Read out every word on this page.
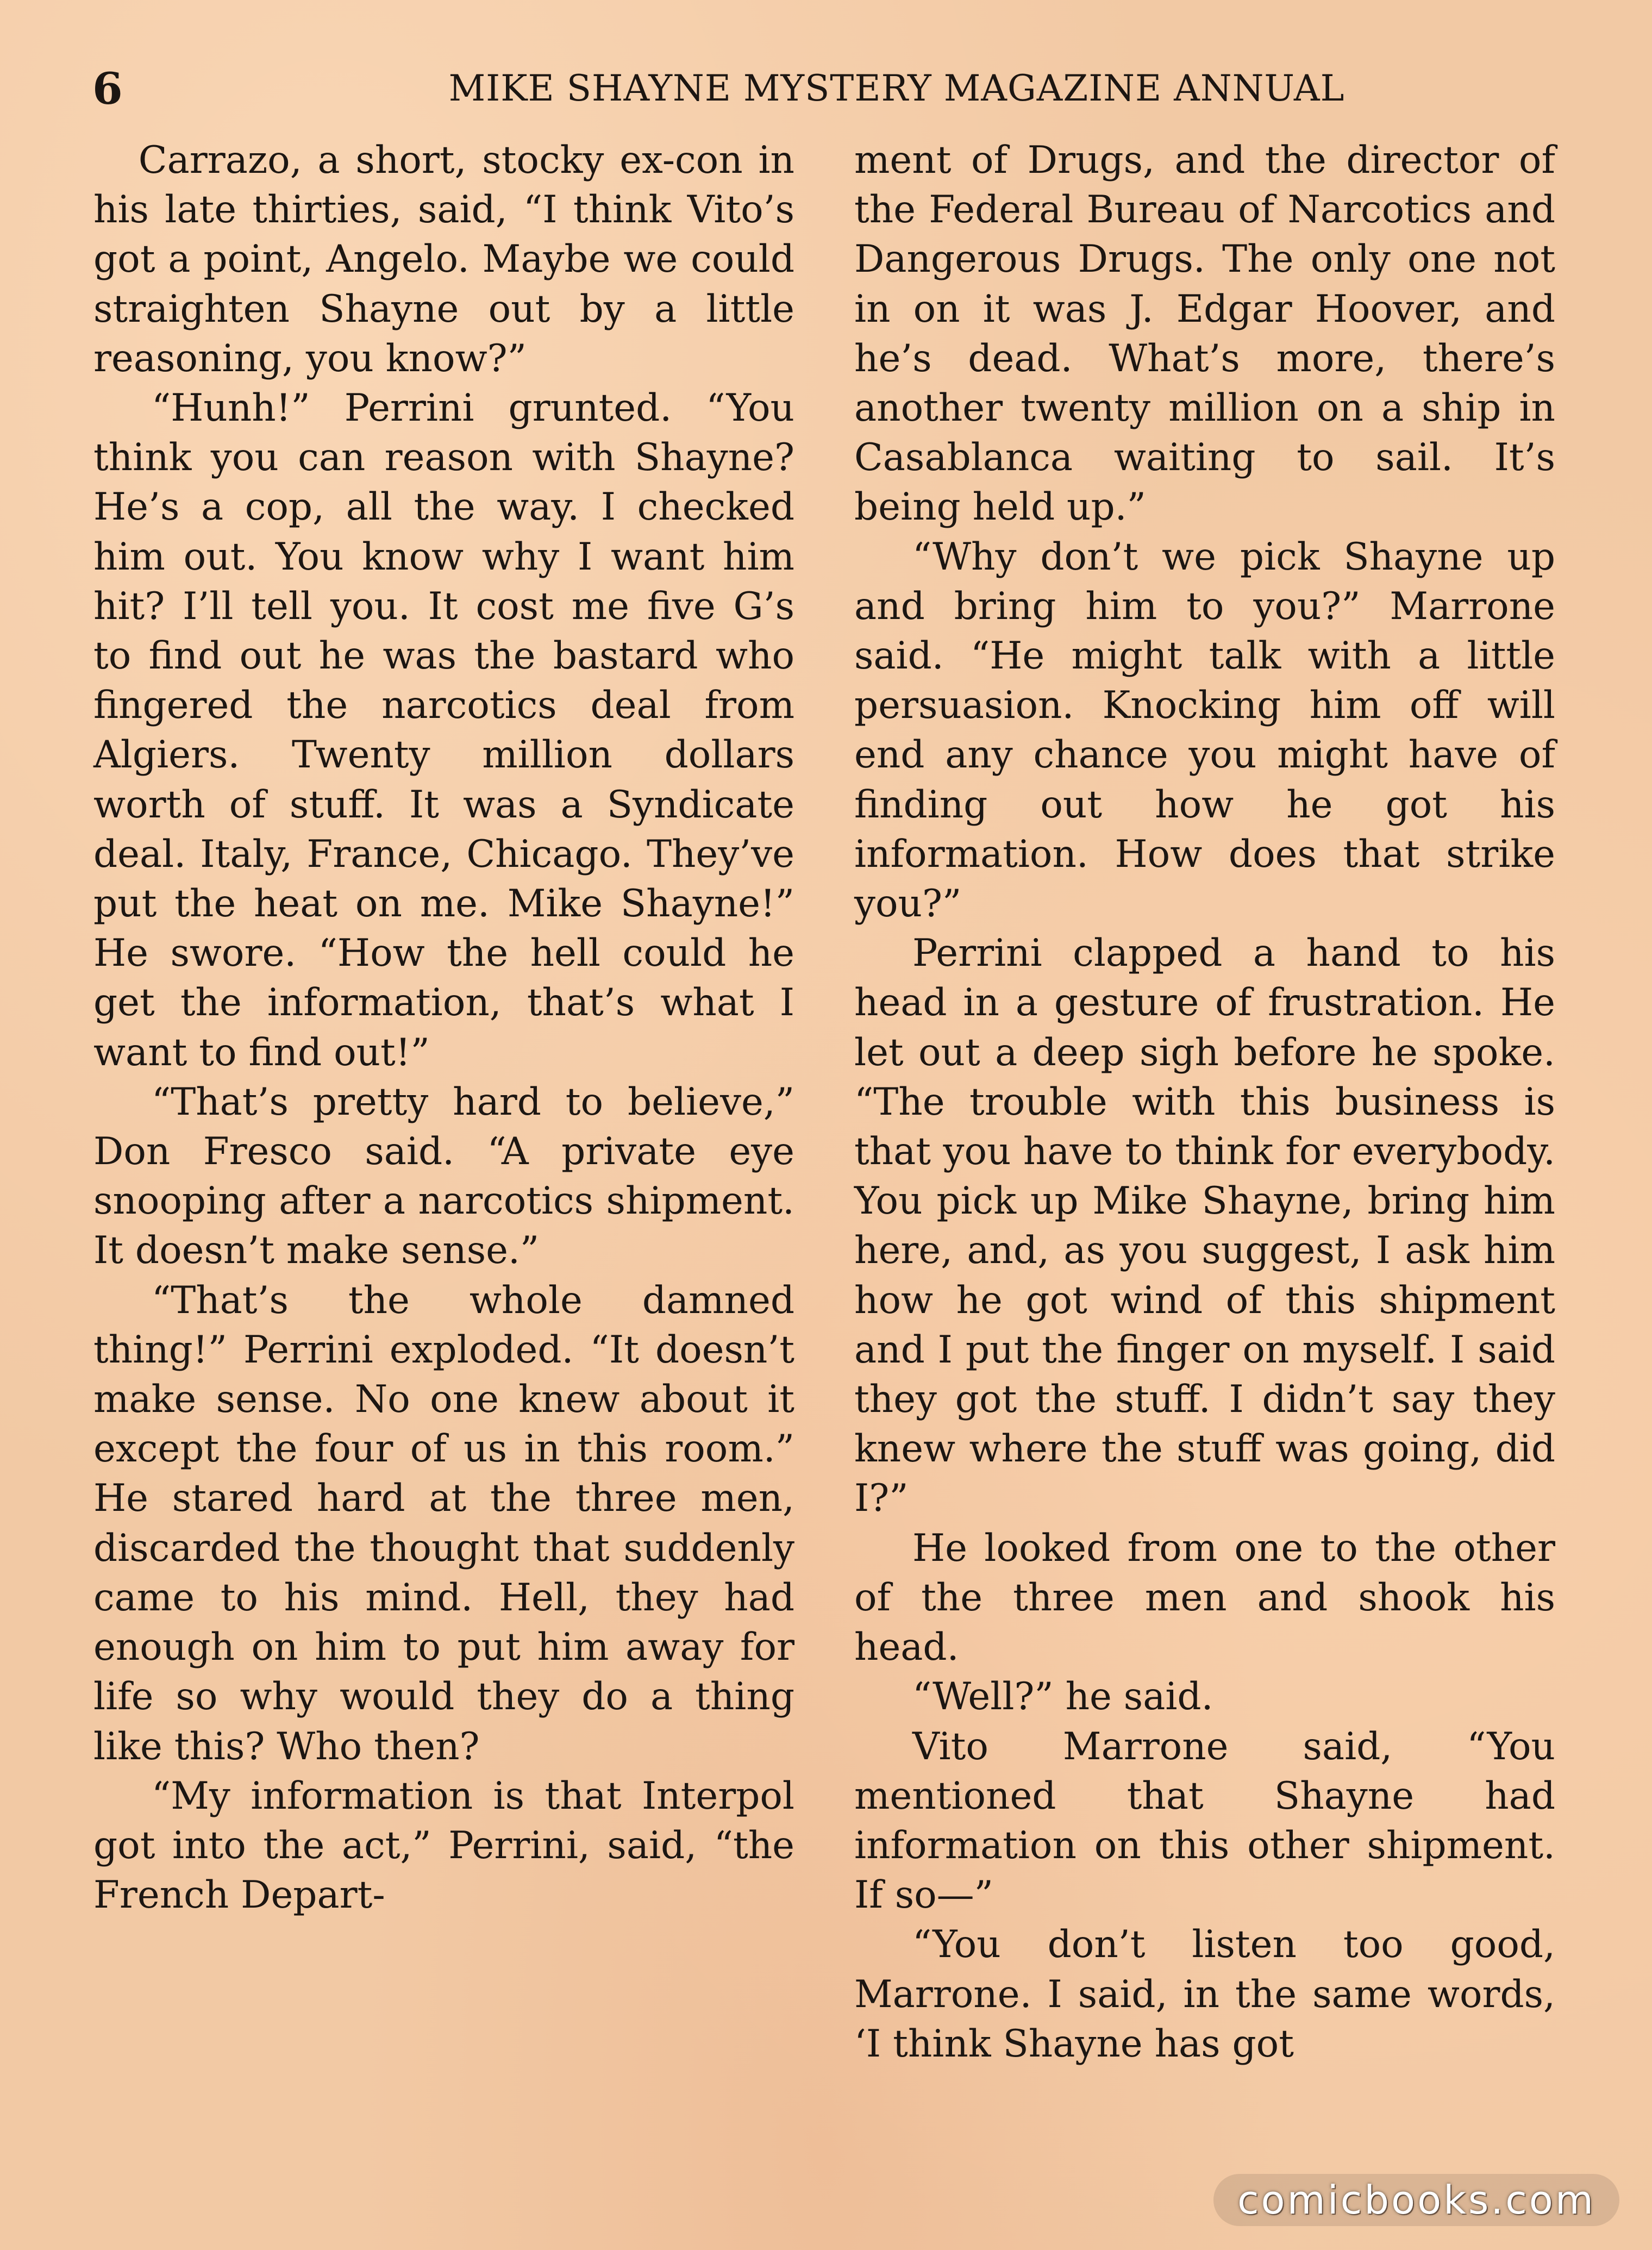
6	MIKE SHAYNE MYSTERY MAGAZINE ANNUAL

Carrazo, a short, stocky ex-con in his late thirties, said, “I think Vito’s got a point, Angelo. Maybe we could straighten Shayne out by a little reasoning, you know?”

“Hunh!” Perrini grunted. “You think you can reason with Shayne? He’s a cop, all the way. I checked him out. You know why I want him hit? I’ll tell you. It cost me five G’s to find out he was the bastard who fingered the narcotics deal from Algiers. Twenty million dollars worth of stuff. It was a Syndicate deal. Italy, France, Chicago. They’ve put the heat on me. Mike Shayne!” He swore. “How the hell could he get the information, that’s what I want to find out!”

“That’s pretty hard to believe,” Don Fresco said. “A private eye snooping after a narcotics shipment. It doesn’t make sense.”

“That’s the whole damned thing!” Perrini exploded. “It doesn’t make sense. No one knew about it except the four of us in this room.” He stared hard at the three men, discarded the thought that suddenly came to his mind. Hell, they had enough on him to put him away for life so why would they do a thing like this? Who then?

“My information is that Interpol got into the act,” Perrini, said, “the French Depart-

ment of Drugs, and the director of the Federal Bureau of Narcotics and Dangerous Drugs. The only one not in on it was J. Edgar Hoover, and he’s dead. What’s more, there’s another twenty million on a ship in Casablanca waiting to sail. It’s being held up.”

“Why don’t we pick Shayne up and bring him to you?” Marrone said. “He might talk with a little persuasion. Knocking him off will end any chance you might have of finding out how he got his information. How does that strike you?”

Perrini clapped a hand to his head in a gesture of frustration. He let out a deep sigh before he spoke. “The trouble with this business is that you have to think for everybody. You pick up Mike Shayne, bring him here, and, as you suggest, I ask him how he got wind of this shipment and I put the finger on myself. I said they got the stuff. I didn’t say they knew where the stuff was going, did I?”

He looked from one to the other of the three men and shook his head.

“Well?” he said.

Vito Marrone said, “You mentioned that Shayne had information on this other shipment. If so—”

“You don’t listen too good, Marrone. I said, in the same words, ‘I think Shayne has got

comicbooks.com
